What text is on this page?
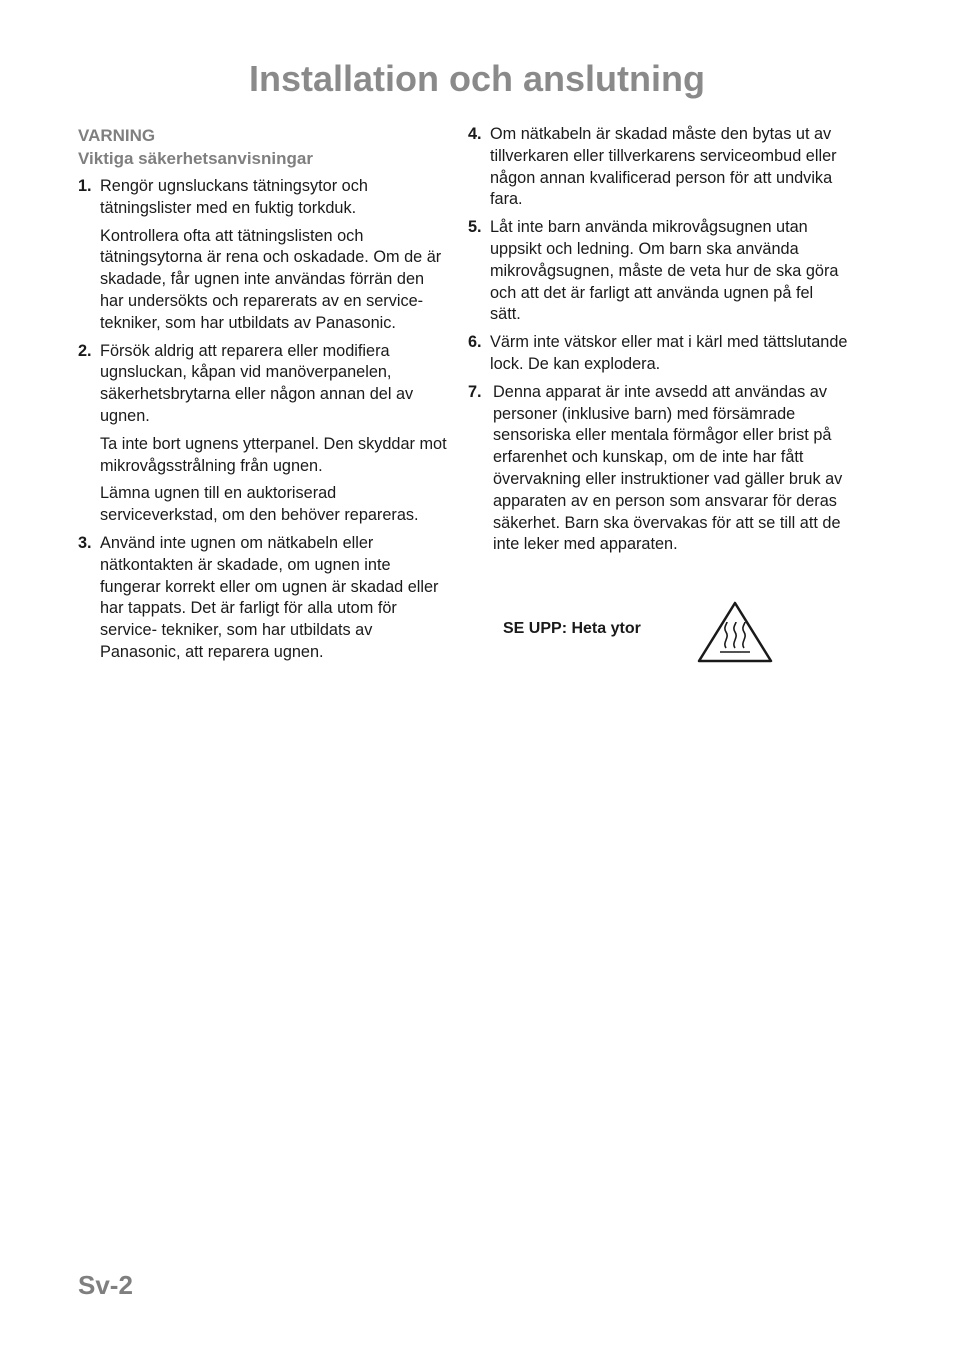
Installation och anslutning
VARNING
Viktiga säkerhetsanvisningar
1. Rengör ugnsluckans tätningsytor och tätningslister med en fuktig torkduk.
Kontrollera ofta att tätningslisten och tätningsytorna är rena och oskadade. Om de är skadade, får ugnen inte användas förrän den har undersökts och reparerats av en service-tekniker, som har utbildats av Panasonic.
2. Försök aldrig att reparera eller modifiera ugnsluckan, kåpan vid manöverpanelen, säkerhetsbrytarna eller någon annan del av ugnen.
Ta inte bort ugnens ytterpanel. Den skyddar mot mikrovågsstrålning från ugnen.
Lämna ugnen till en auktoriserad serviceverkstad, om den behöver repareras.
3. Använd inte ugnen om nätkabeln eller nätkontakten är skadade, om ugnen inte fungerar korrekt eller om ugnen är skadad eller har tappats. Det är farligt för alla utom för service- tekniker, som har utbildats av Panasonic, att reparera ugnen.
4. Om nätkabeln är skadad måste den bytas ut av tillverkaren eller tillverkarens serviceombud eller någon annan kvalificerad person för att undvika fara.
5. Låt inte barn använda mikrovågsugnen utan uppsikt och ledning. Om barn ska använda mikrovågsugnen, måste de veta hur de ska göra och att det är farligt att använda ugnen på fel sätt.
6. Värm inte vätskor eller mat i kärl med tättslutande lock. De kan explodera.
7. Denna apparat är inte avsedd att användas av personer (inklusive barn) med försämrade sensoriska eller mentala förmågor eller brist på erfarenhet och kunskap, om de inte har fått övervakning eller instruktioner vad gäller bruk av apparaten av en person som ansvarar för deras säkerhet. Barn ska övervakas för att se till att de inte leker med apparaten.
SE UPP: Heta ytor
Sv-2
